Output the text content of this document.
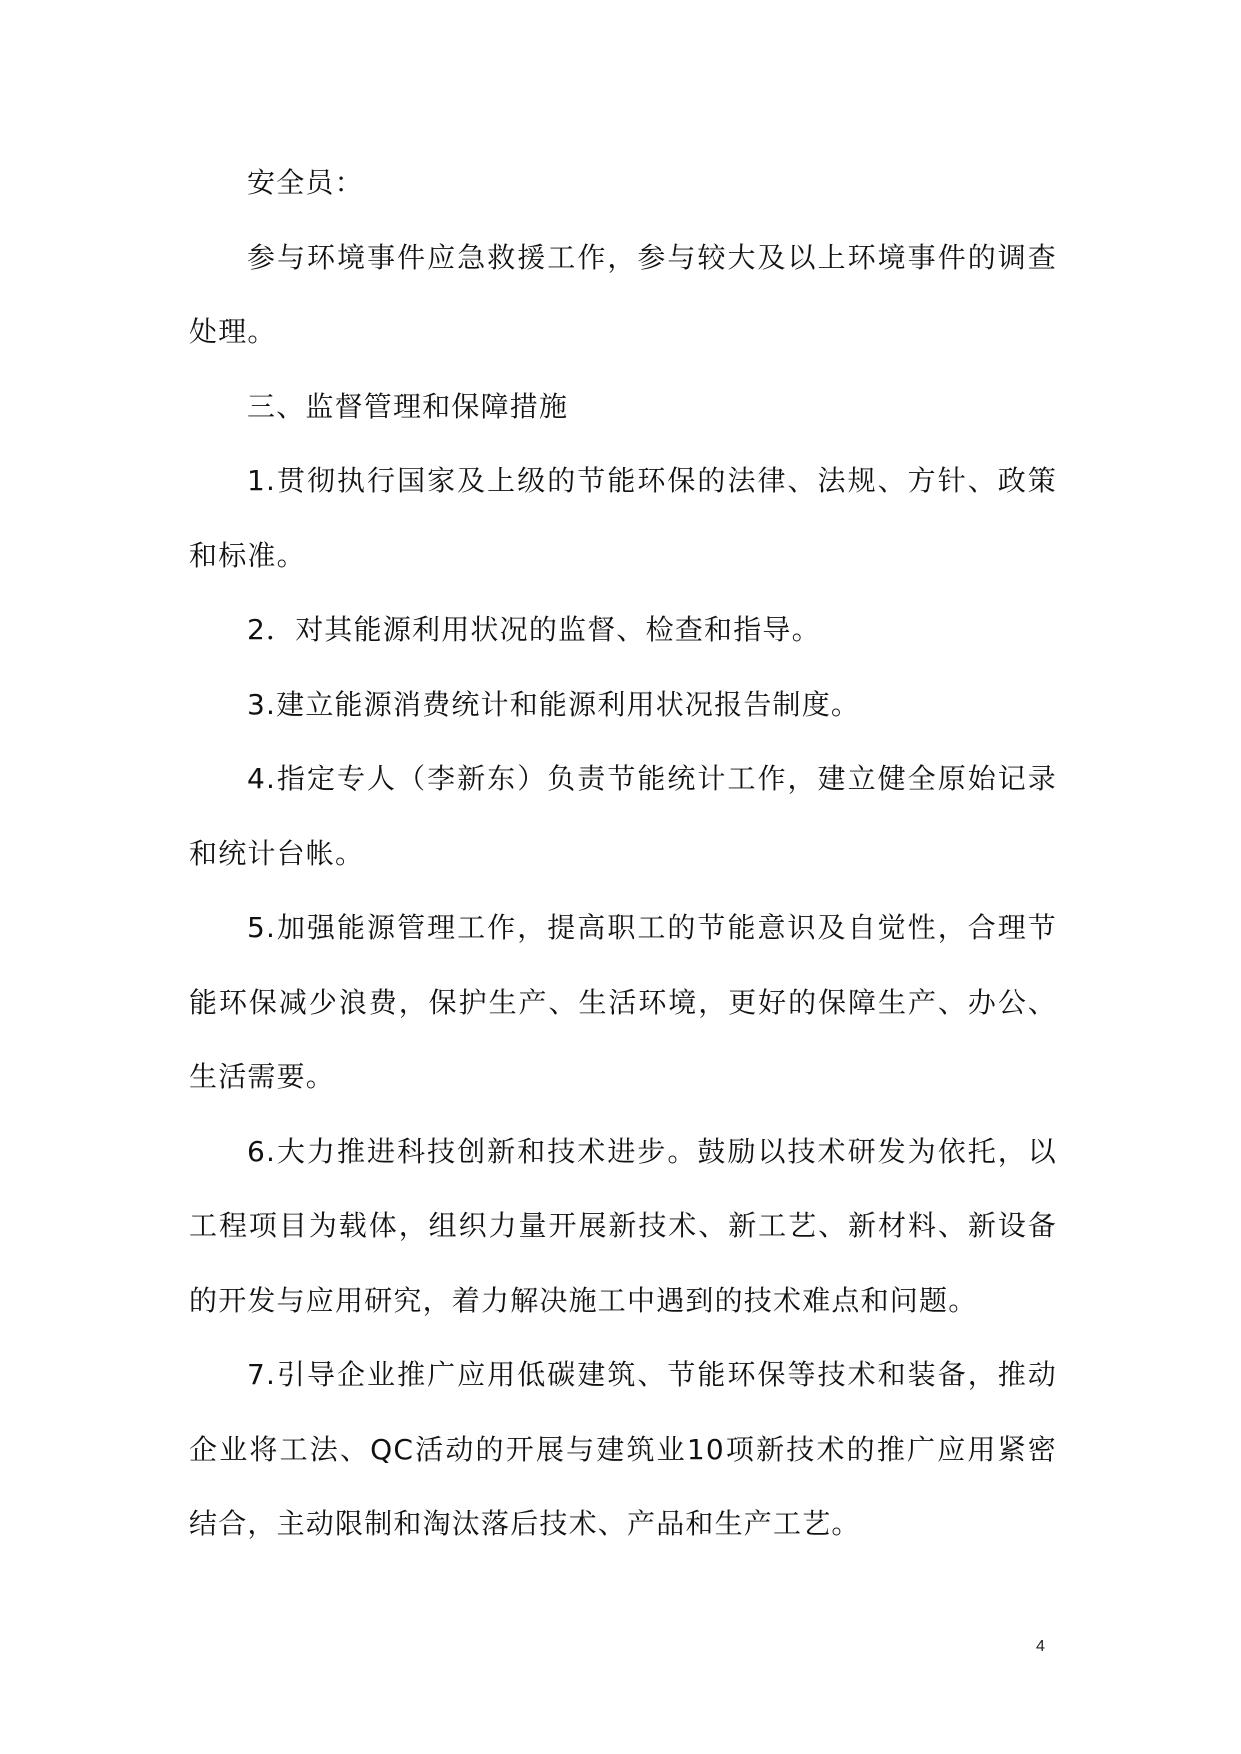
安全员：

参与环境事件应急救援工作，参与较大及以上环境事件的调查处理。

三、监督管理和保障措施

1.贯彻执行国家及上级的节能环保的法律、法规、方针、政策和标准。

2．对其能源利用状况的监督、检查和指导。

3.建立能源消费统计和能源利用状况报告制度。

4.指定专人（李新东）负责节能统计工作，建立健全原始记录和统计台帐。

5.加强能源管理工作，提高职工的节能意识及自觉性，合理节能环保减少浪费，保护生产、生活环境，更好的保障生产、办公、生活需要。

6.大力推进科技创新和技术进步。鼓励以技术研发为依托，以工程项目为载体，组织力量开展新技术、新工艺、新材料、新设备的开发与应用研究，着力解决施工中遇到的技术难点和问题。

7.引导企业推广应用低碳建筑、节能环保等技术和装备，推动企业将工法、QC活动的开展与建筑业10项新技术的推广应用紧密结合，主动限制和淘汰落后技术、产品和生产工艺。

4
